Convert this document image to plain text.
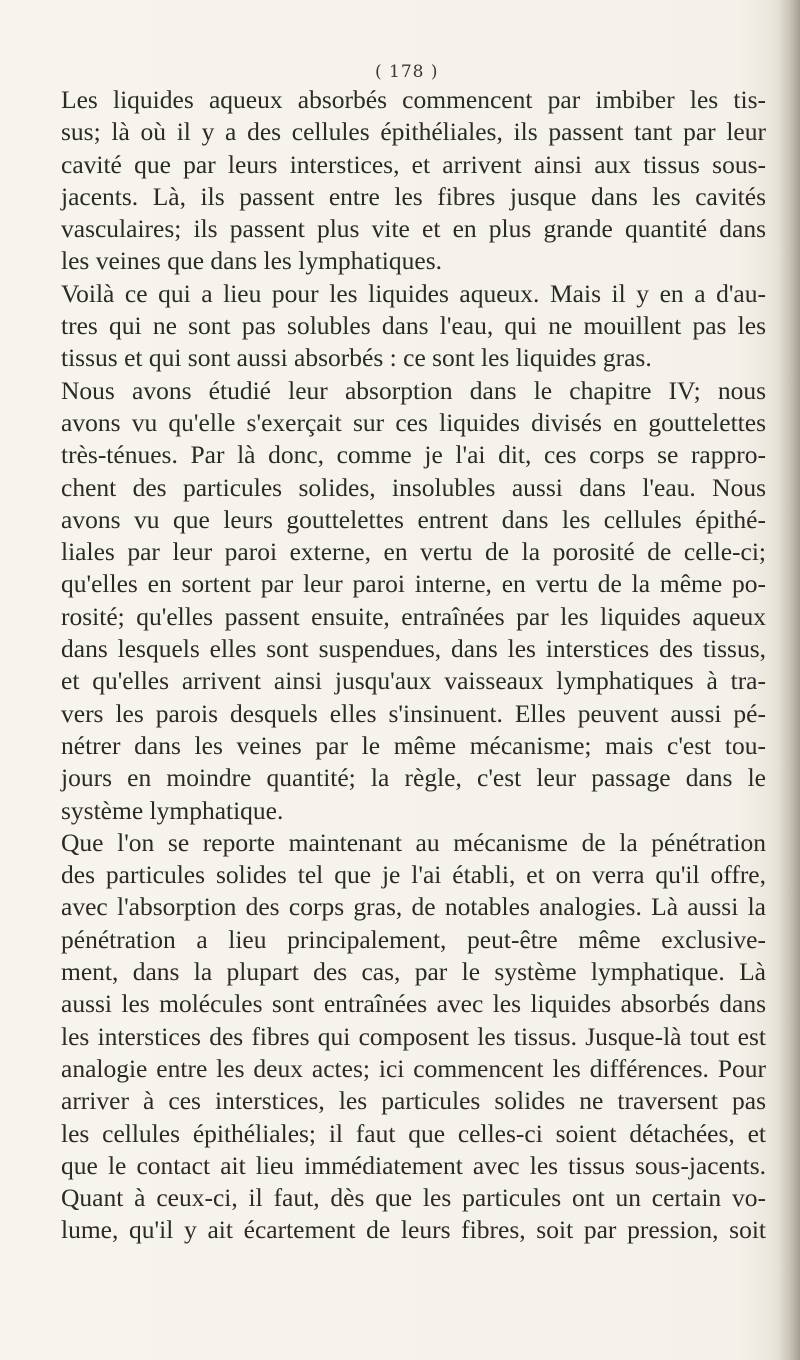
( 178 )
Les liquides aqueux absorbés commencent par imbiber les tis-
sus; là où il y a des cellules épithéliales, ils passent tant par leur
cavité que par leurs interstices, et arrivent ainsi aux tissus sous-
jacents. Là, ils passent entre les fibres jusque dans les cavités
vasculaires; ils passent plus vite et en plus grande quantité dans
les veines que dans les lymphatiques.
Voilà ce qui a lieu pour les liquides aqueux. Mais il y en a d'au-
tres qui ne sont pas solubles dans l'eau, qui ne mouillent pas les
tissus et qui sont aussi absorbés : ce sont les liquides gras.
Nous avons étudié leur absorption dans le chapitre IV; nous
avons vu qu'elle s'exerçait sur ces liquides divisés en gouttelettes
très-ténues. Par là donc, comme je l'ai dit, ces corps se rappro-
chent des particules solides, insolubles aussi dans l'eau. Nous
avons vu que leurs gouttelettes entrent dans les cellules épithé-
liales par leur paroi externe, en vertu de la porosité de celle-ci;
qu'elles en sortent par leur paroi interne, en vertu de la même po-
rosité; qu'elles passent ensuite, entraînées par les liquides aqueux
dans lesquels elles sont suspendues, dans les interstices des tissus,
et qu'elles arrivent ainsi jusqu'aux vaisseaux lymphatiques à tra-
vers les parois desquels elles s'insinuent. Elles peuvent aussi pé-
nétrer dans les veines par le même mécanisme; mais c'est tou-
jours en moindre quantité; la règle, c'est leur passage dans le
système lymphatique.
Que l'on se reporte maintenant au mécanisme de la pénétration
des particules solides tel que je l'ai établi, et on verra qu'il offre,
avec l'absorption des corps gras, de notables analogies. Là aussi la
pénétration a lieu principalement, peut-être même exclusive-
ment, dans la plupart des cas, par le système lymphatique. Là
aussi les molécules sont entraînées avec les liquides absorbés dans
les interstices des fibres qui composent les tissus. Jusque-là tout est
analogie entre les deux actes; ici commencent les différences. Pour
arriver à ces interstices, les particules solides ne traversent pas
les cellules épithéliales; il faut que celles-ci soient détachées, et
que le contact ait lieu immédiatement avec les tissus sous-jacents.
Quant à ceux-ci, il faut, dès que les particules ont un certain vo-
lume, qu'il y ait écartement de leurs fibres, soit par pression, soit
